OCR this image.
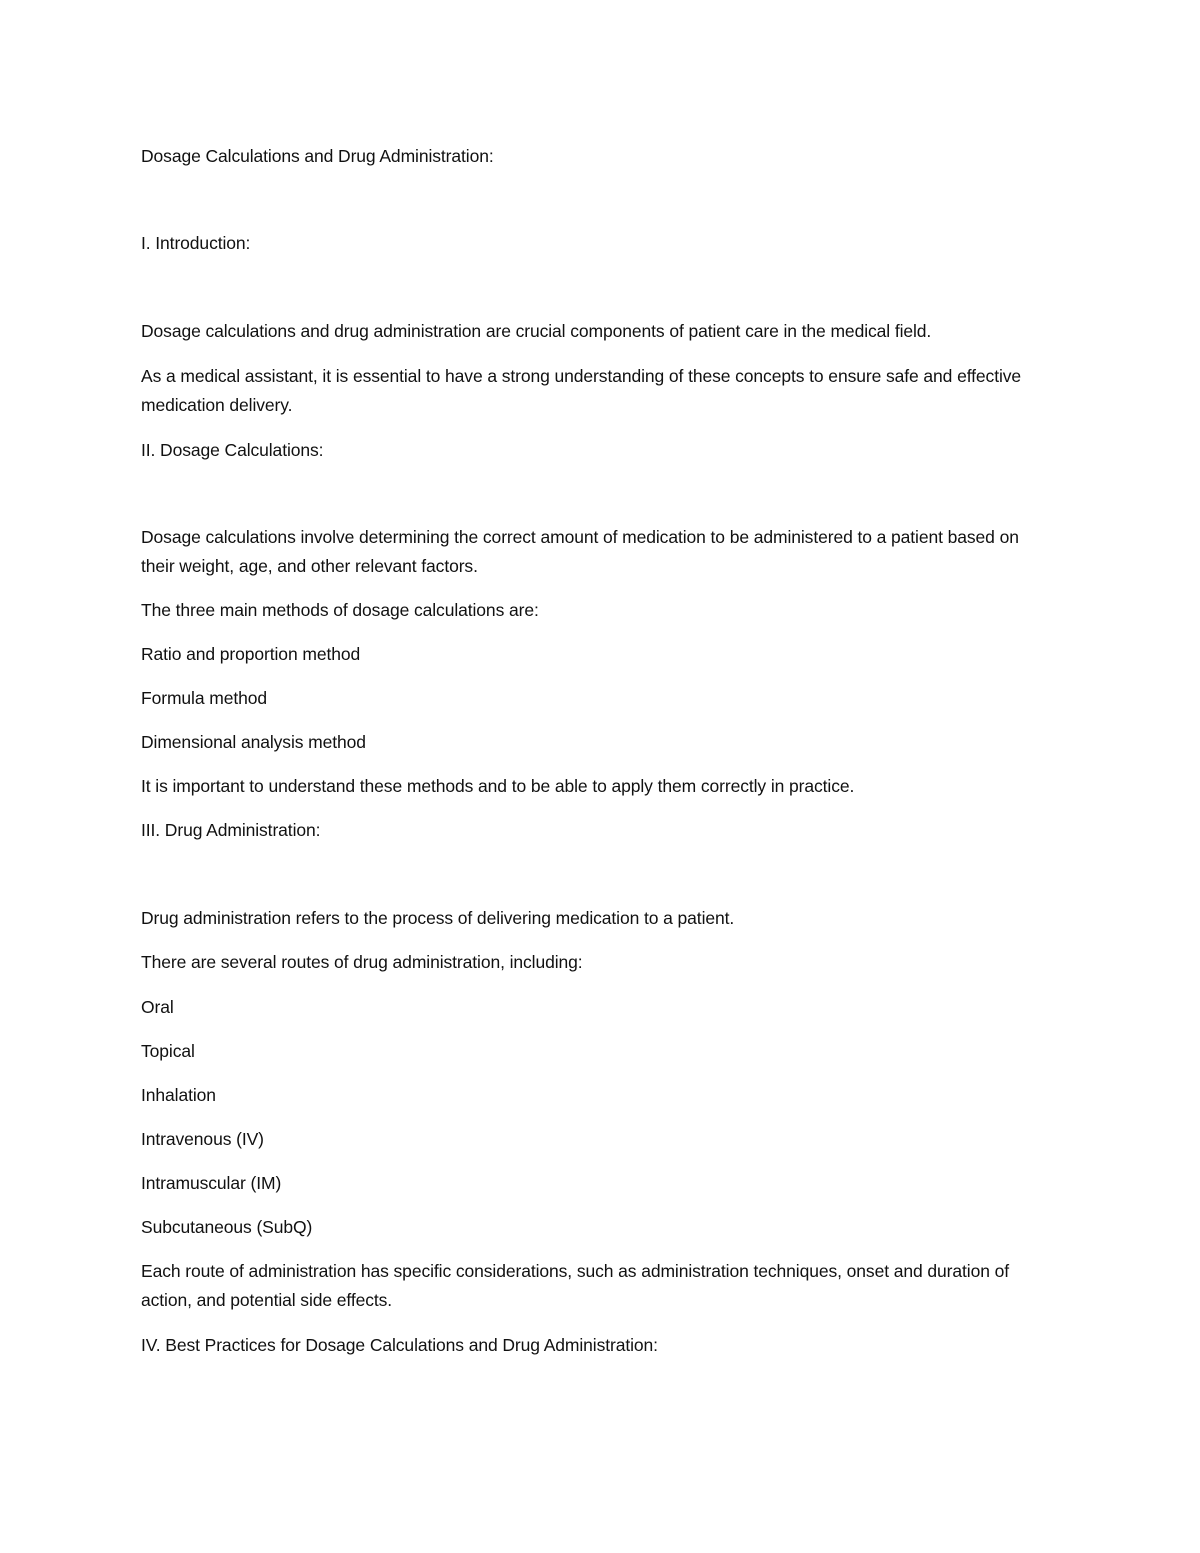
Dosage Calculations and Drug Administration:
I. Introduction:
Dosage calculations and drug administration are crucial components of patient care in the medical field.
As a medical assistant, it is essential to have a strong understanding of these concepts to ensure safe and effective medication delivery.
II. Dosage Calculations:
Dosage calculations involve determining the correct amount of medication to be administered to a patient based on their weight, age, and other relevant factors.
The three main methods of dosage calculations are:
Ratio and proportion method
Formula method
Dimensional analysis method
It is important to understand these methods and to be able to apply them correctly in practice.
III. Drug Administration:
Drug administration refers to the process of delivering medication to a patient.
There are several routes of drug administration, including:
Oral
Topical
Inhalation
Intravenous (IV)
Intramuscular (IM)
Subcutaneous (SubQ)
Each route of administration has specific considerations, such as administration techniques, onset and duration of action, and potential side effects.
IV. Best Practices for Dosage Calculations and Drug Administration:
